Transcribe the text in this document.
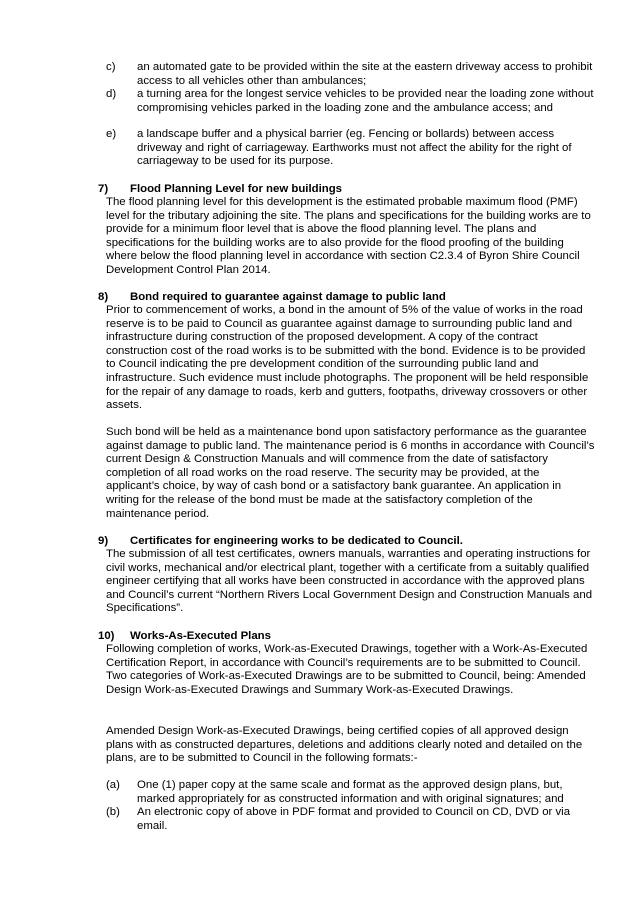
c) an automated gate to be provided within the site at the eastern driveway access to prohibit access to all vehicles other than ambulances;
d) a turning area for the longest service vehicles to be provided near the loading zone without compromising vehicles parked in the loading zone and the ambulance access; and
e) a landscape buffer and a physical barrier (eg. Fencing or bollards) between access driveway and right of carriageway. Earthworks must not affect the ability for the right of carriageway to be used for its purpose.
7) Flood Planning Level for new buildings
The flood planning level for this development is the estimated probable maximum flood (PMF) level for the tributary adjoining the site. The plans and specifications for the building works are to provide for a minimum floor level that is above the flood planning level. The plans and specifications for the building works are to also provide for the flood proofing of the building where below the flood planning level in accordance with section C2.3.4 of Byron Shire Council Development Control Plan 2014.
8) Bond required to guarantee against damage to public land
Prior to commencement of works, a bond in the amount of 5% of the value of works in the road reserve is to be paid to Council as guarantee against damage to surrounding public land and infrastructure during construction of the proposed development. A copy of the contract construction cost of the road works is to be submitted with the bond. Evidence is to be provided to Council indicating the pre development condition of the surrounding public land and infrastructure. Such evidence must include photographs. The proponent will be held responsible for the repair of any damage to roads, kerb and gutters, footpaths, driveway crossovers or other assets.
Such bond will be held as a maintenance bond upon satisfactory performance as the guarantee against damage to public land. The maintenance period is 6 months in accordance with Council’s current Design & Construction Manuals and will commence from the date of satisfactory completion of all road works on the road reserve. The security may be provided, at the applicant’s choice, by way of cash bond or a satisfactory bank guarantee. An application in writing for the release of the bond must be made at the satisfactory completion of the maintenance period.
9) Certificates for engineering works to be dedicated to Council.
The submission of all test certificates, owners manuals, warranties and operating instructions for civil works, mechanical and/or electrical plant, together with a certificate from a suitably qualified engineer certifying that all works have been constructed in accordance with the approved plans and Council’s current “Northern Rivers Local Government Design and Construction Manuals and Specifications”.
10) Works-As-Executed Plans
Following completion of works, Work-as-Executed Drawings, together with a Work-As-Executed Certification Report, in accordance with Council’s requirements are to be submitted to Council. Two categories of Work-as-Executed Drawings are to be submitted to Council, being: Amended Design Work-as-Executed Drawings and Summary Work-as-Executed Drawings.
Amended Design Work-as-Executed Drawings, being certified copies of all approved design plans with as constructed departures, deletions and additions clearly noted and detailed on the plans, are to be submitted to Council in the following formats:-
(a) One (1) paper copy at the same scale and format as the approved design plans, but, marked appropriately for as constructed information and with original signatures; and
(b) An electronic copy of above in PDF format and provided to Council on CD, DVD or via email.
